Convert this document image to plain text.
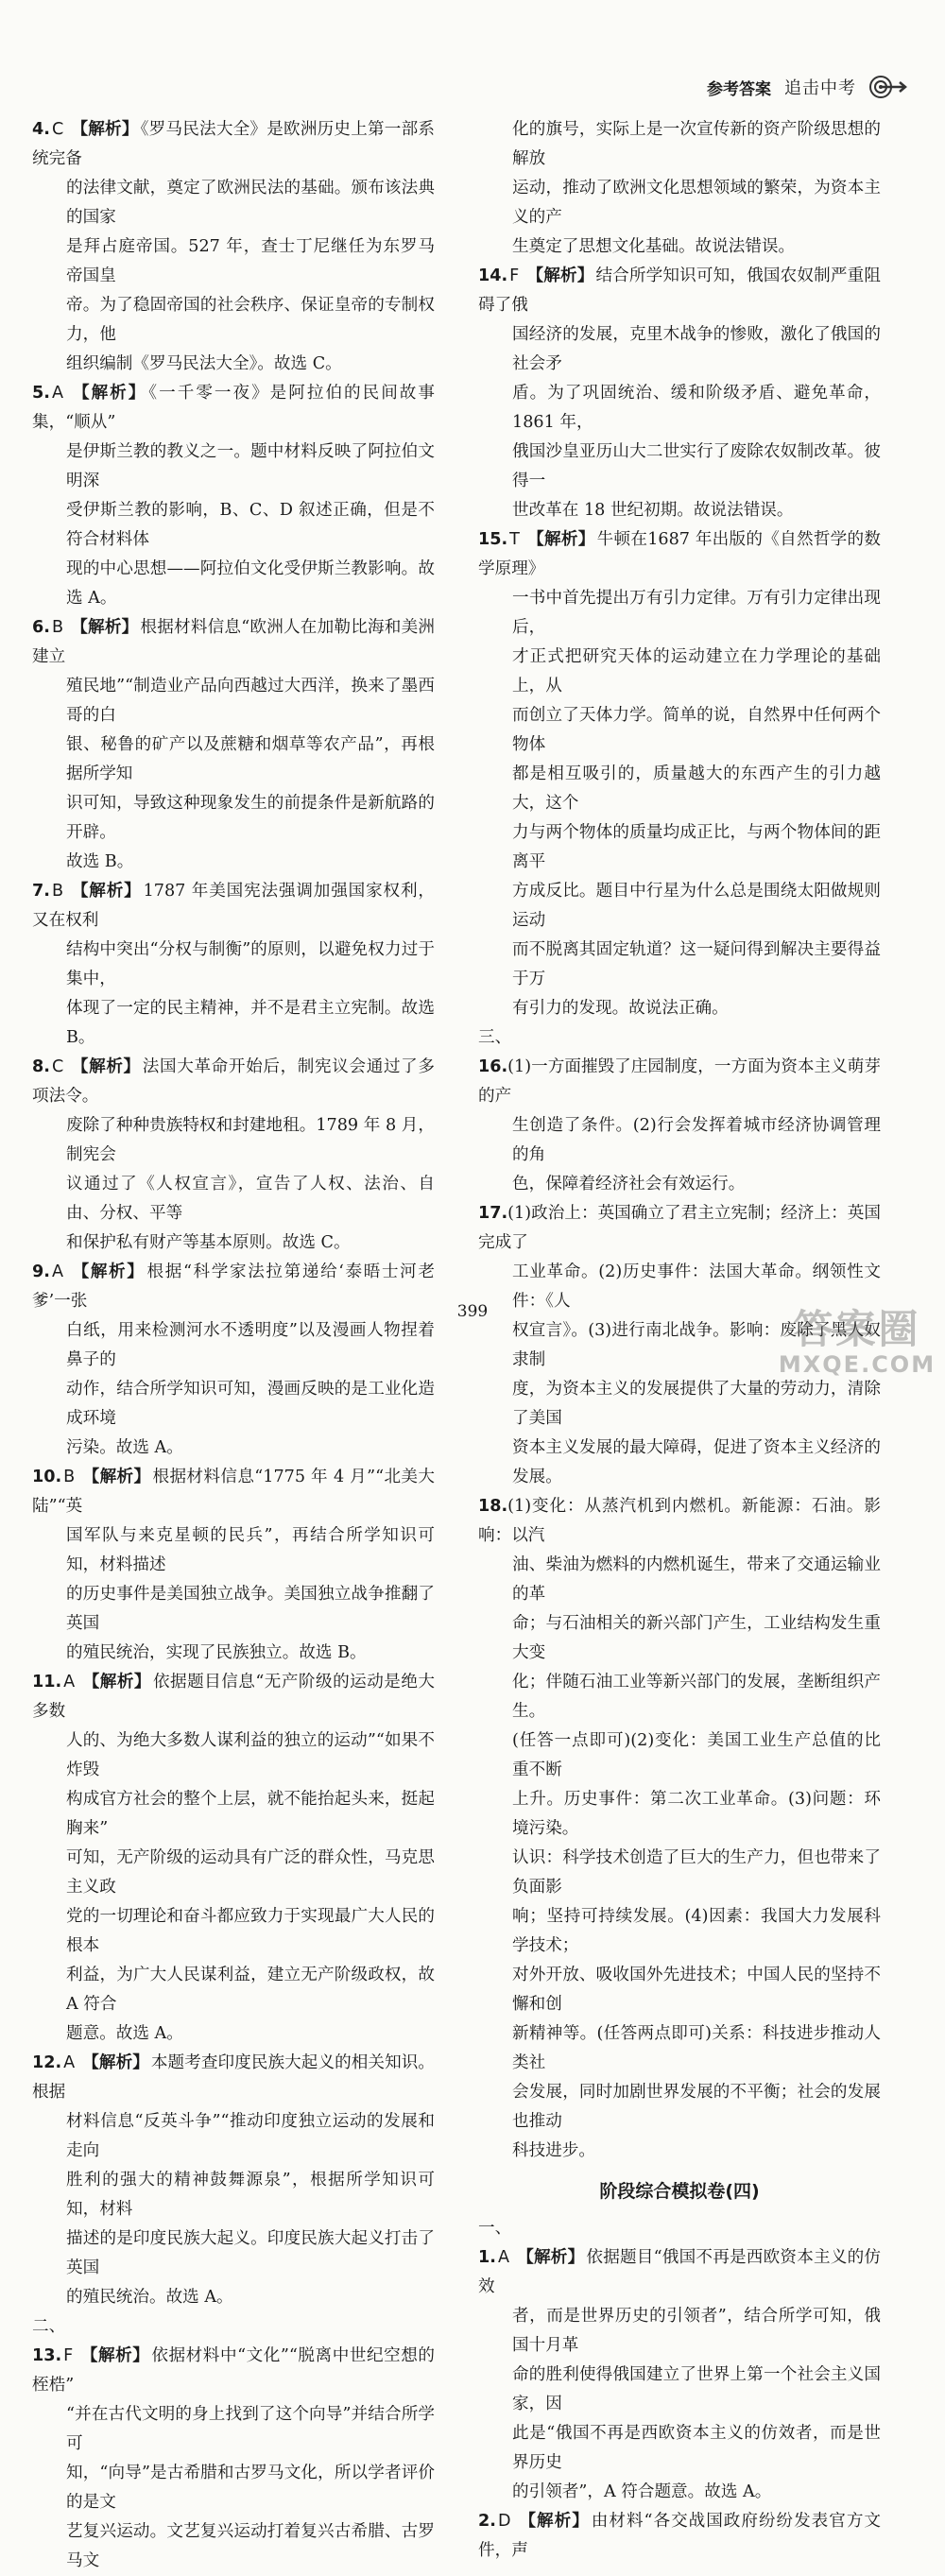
参考答案 追击中考
4. C 【解析】 《罗马民法大全》是欧洲历史上第一部系统完备
的法律文献，奠定了欧洲民法的基础。颁布该法典的国家
是拜占庭帝国。527 年，查士丁尼继任为东罗马帝国皇
帝。为了稳固帝国的社会秩序、保证皇帝的专制权力，他
组织编制《罗马民法大全》。故选 C。
5. A 【解析】 《一千零一夜》是阿拉伯的民间故事集，“顺从”
是伊斯兰教的教义之一。题中材料反映了阿拉伯文明深
受伊斯兰教的影响，B、C、D 叙述正确，但是不符合材料体
现的中心思想——阿拉伯文化受伊斯兰教影响。故选 A。
6. B 【解析】 根据材料信息“欧洲人在加勒比海和美洲建立
殖民地”“制造业产品向西越过大西洋，换来了墨西哥的白
银、秘鲁的矿产以及蔗糖和烟草等农产品”，再根据所学知
识可知，导致这种现象发生的前提条件是新航路的开辟。
故选 B。
7. B 【解析】 1787 年美国宪法强调加强国家权利，又在权利
结构中突出“分权与制衡”的原则，以避免权力过于集中，
体现了一定的民主精神，并不是君主立宪制。故选 B。
8. C 【解析】 法国大革命开始后，制宪议会通过了多项法令。
废除了种种贵族特权和封建地租。1789 年 8 月，制宪会
议通过了《人权宣言》，宣告了人权、法治、自由、分权、平等
和保护私有财产等基本原则。故选 C。
9. A 【解析】 根据“科学家法拉第递给‘泰晤士河老爹’一张
白纸，用来检测河水不透明度”以及漫画人物捏着鼻子的
动作，结合所学知识可知，漫画反映的是工业化造成环境
污染。故选 A。
10. B 【解析】 根据材料信息“1775 年 4 月”“北美大陆”“英
国军队与来克星顿的民兵”，再结合所学知识可知，材料描述
的历史事件是美国独立战争。美国独立战争推翻了英国
的殖民统治，实现了民族独立。故选 B。
11. A 【解析】 依据题目信息“无产阶级的运动是绝大多数
人的、为绝大多数人谋利益的独立的运动”“如果不炸毁
构成官方社会的整个上层，就不能抬起头来，挺起胸来”
可知，无产阶级的运动具有广泛的群众性，马克思主义政
党的一切理论和奋斗都应致力于实现最广大人民的根本
利益，为广大人民谋利益，建立无产阶级政权，故 A 符合
题意。故选 A。
12. A 【解析】 本题考查印度民族大起义的相关知识。根据
材料信息“反英斗争”“推动印度独立运动的发展和走向
胜利的强大的精神鼓舞源泉”，根据所学知识可知，材料
描述的是印度民族大起义。印度民族大起义打击了英国
的殖民统治。故选 A。
二、
13. F 【解析】 依据材料中“文化”“脱离中世纪空想的桎梏”
“并在古代文明的身上找到了这个向导”并结合所学可
知，“向导”是古希腊和古罗马文化，所以学者评价的是文
艺复兴运动。文艺复兴运动打着复兴古希腊、古罗马文
化的旗号，实际上是一次宣传新的资产阶级思想的解放
运动，推动了欧洲文化思想领域的繁荣，为资本主义的产
生奠定了思想文化基础。故说法错误。
14. F 【解析】 结合所学知识可知，俄国农奴制严重阻碍了俄
国经济的发展，克里木战争的惨败，激化了俄国的社会矛
盾。为了巩固统治、缓和阶级矛盾、避免革命，1861 年，
俄国沙皇亚历山大二世实行了废除农奴制改革。彼得一
世改革在 18 世纪初期。故说法错误。
15. T 【解析】 牛顿在1687 年出版的《自然哲学的数学原理》
一书中首先提出万有引力定律。万有引力定律出现后，
才正式把研究天体的运动建立在力学理论的基础上，从
而创立了天体力学。简单的说，自然界中任何两个物体
都是相互吸引的，质量越大的东西产生的引力越大，这个
力与两个物体的质量均成正比，与两个物体间的距离平
方成反比。题目中行星为什么总是围绕太阳做规则运动
而不脱离其固定轨道？这一疑问得到解决主要得益于万
有引力的发现。故说法正确。
三、
16.(1)一方面摧毁了庄园制度，一方面为资本主义萌芽的产
生创造了条件。(2)行会发挥着城市经济协调管理的角
色，保障着经济社会有效运行。
17.(1)政治上：英国确立了君主立宪制；经济上：英国完成了
工业革命。(2)历史事件：法国大革命。纲领性文件：《人
权宣言》。(3)进行南北战争。影响：废除了黑人奴隶制
度，为资本主义的发展提供了大量的劳动力，清除了美国
资本主义发展的最大障碍，促进了资本主义经济的发展。
18.(1)变化：从蒸汽机到内燃机。新能源：石油。影响：以汽
油、柴油为燃料的内燃机诞生，带来了交通运输业的革
命；与石油相关的新兴部门产生，工业结构发生重大变
化；伴随石油工业等新兴部门的发展，垄断组织产生。
(任答一点即可)(2)变化：美国工业生产总值的比重不断
上升。历史事件：第二次工业革命。(3)问题：环境污染。
认识：科学技术创造了巨大的生产力，但也带来了负面影
响；坚持可持续发展。(4)因素：我国大力发展科学技术；
对外开放、吸收国外先进技术；中国人民的坚持不懈和创
新精神等。(任答两点即可)关系：科技进步推动人类社
会发展，同时加剧世界发展的不平衡；社会的发展也推动
科技进步。
阶段综合模拟卷(四)
一、
1. A 【解析】 依据题目“俄国不再是西欧资本主义的仿效
者，而是世界历史的引领者”，结合所学可知，俄国十月革
命的胜利使得俄国建立了世界上第一个社会主义国家，因
此是“俄国不再是西欧资本主义的仿效者，而是世界历史
的引领者”，A 符合题意。故选 A。
2. D 【解析】 由材料“各交战国政府纷纷发表官方文件，声
399	答案圈
MXQE.COM
